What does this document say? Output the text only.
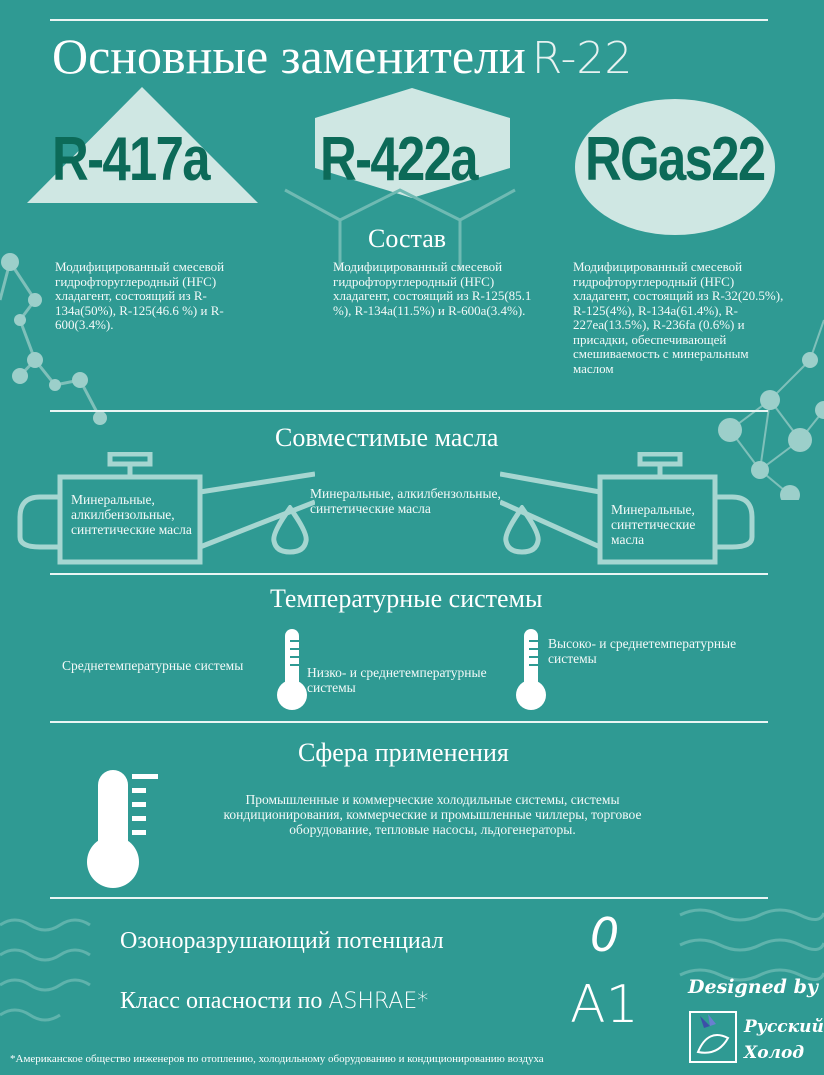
Основные заменители R-22
R-417a R-422a RGas22
Состав
Модифицированный смесевой гидрофторуглеродный (HFC) хладагент, состоящий из R-134a(50%), R-125(46.6 %) и R-600(3.4%).
Модифицированный смесевой гидрофторуглеродный (HFC) хладагент, состоящий из R-125(85.1 %), R-134a(11.5%) и R-600a(3.4%).
Модифицированный смесевой гидрофторуглеродный (HFC) хладагент, состоящий из R-32(20.5%), R-125(4%), R-134a(61.4%), R-227ea(13.5%), R-236fa (0.6%) и присадки, обеспечивающей смешиваемость с минеральным маслом
Совместимые масла
Минеральные, алкилбензольные, синтетические масла
Минеральные, алкилбензольные, синтетические масла	Минеральные, синтетические масла
Температурные системы
Среднетемпературные системы	Низко- и среднетемпературные системы
Высоко- и среднетемпературные системы
Сфера применения
Промышленные и коммерческие холодильные системы, системы кондиционирования, коммерческие и промышленные чиллеры, торговое оборудование, тепловые насосы, льдогенераторы.
Озоноразрушающий потенциал	0
Класс опасности по ASHRAE*	A1	Designed by
Русский
Холод
*Американское общество инженеров по отоплению, холодильному оборудованию и кондиционированию воздуха
